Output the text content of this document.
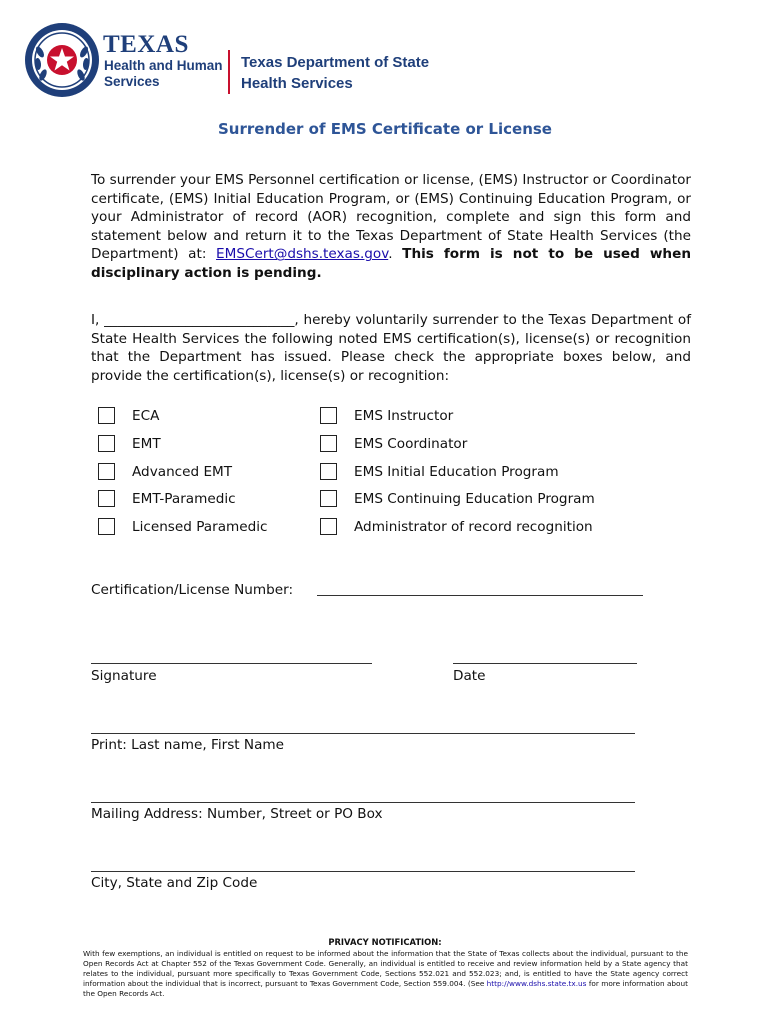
TEXAS
Health and Human
Services
Texas Department of State
Health Services
Surrender of EMS Certificate or License
To surrender your EMS Personnel certification or license, (EMS) Instructor or Coordinator certificate, (EMS) Initial Education Program, or (EMS) Continuing Education Program, or your Administrator of record (AOR) recognition, complete and sign this form and statement below and return it to the Texas Department of State Health Services (the Department) at: EMSCert@dshs.texas.gov. This form is not to be used when disciplinary action is pending.
I, ____________________________, hereby voluntarily surrender to the Texas Department of State Health Services the following noted EMS certification(s), license(s) or recognition that the Department has issued. Please check the appropriate boxes below, and provide the certification(s), license(s) or recognition:
ECA
EMT
Advanced EMT
EMT-Paramedic
Licensed Paramedic
EMS Instructor
EMS Coordinator
EMS Initial Education Program
EMS Continuing Education Program
Administrator of record recognition
Certification/License Number:
Signature	Date
Print: Last name, First Name
Mailing Address: Number, Street or PO Box
City, State and Zip Code
PRIVACY NOTIFICATION:
With few exemptions, an individual is entitled on request to be informed about the information that the State of Texas collects about the individual, pursuant to the Open Records Act at Chapter 552 of the Texas Government Code. Generally, an individual is entitled to receive and review information held by a State agency that relates to the individual, pursuant more specifically to Texas Government Code, Sections 552.021 and 552.023; and, is entitled to have the State agency correct information about the individual that is incorrect, pursuant to Texas Government Code, Section 559.004. (See http://www.dshs.state.tx.us for more information about the Open Records Act.
